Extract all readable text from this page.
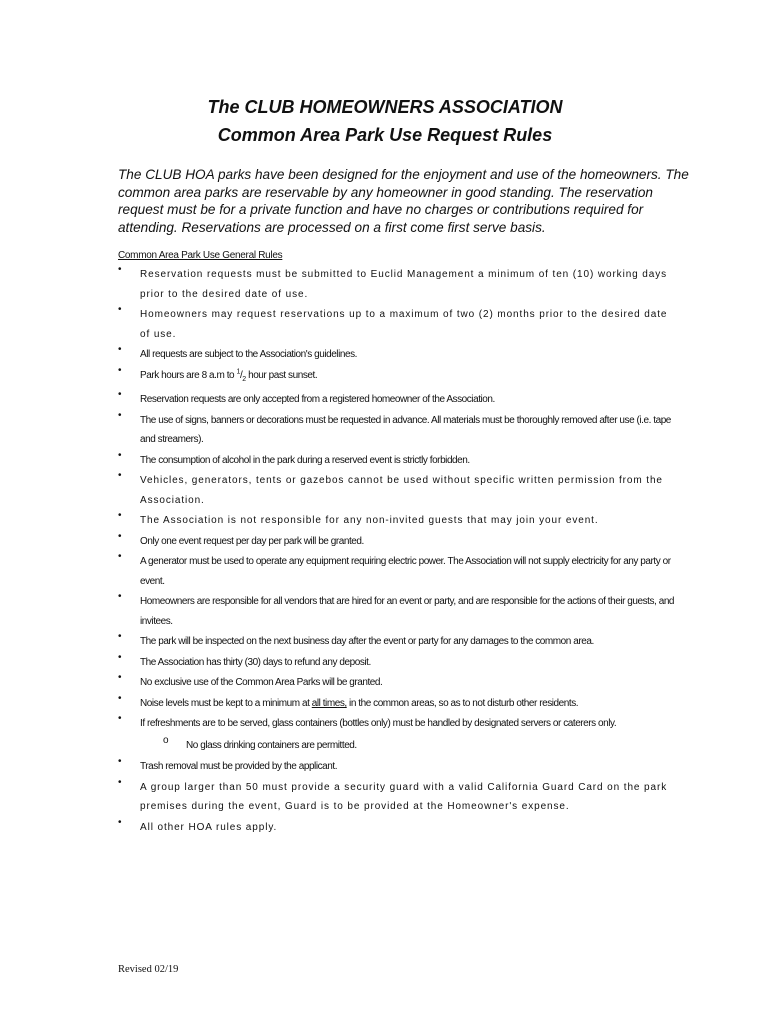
The CLUB HOMEOWNERS ASSOCIATION
Common Area Park Use Request Rules

The CLUB HOA parks have been designed for the enjoyment and use of the homeowners. The common area parks are reservable by any homeowner in good standing. The reservation request must be for a private function and have no charges or contributions required for attending. Reservations are processed on a first come first serve basis.

Common Area Park Use General Rules
• Reservation requests must be submitted to Euclid Management a minimum of ten (10) working days prior to the desired date of use.
• Homeowners may request reservations up to a maximum of two (2) months prior to the desired date of use.
• All requests are subject to the Association's guidelines.
• Park hours are 8 a.m to $^1/_2$ hour past sunset.
• Reservation requests are only accepted from a registered homeowner of the Association.
• The use of signs, banners or decorations must be requested in advance. All materials must be thoroughly removed after use (i.e. tape and streamers).
• The consumption of alcohol in the park during a reserved event is strictly forbidden.
• Vehicles, generators, tents or gazebos cannot be used without specific written permission from the Association.
• The Association is not responsible for any non-invited guests that may join your event.
• Only one event request per day per park will be granted.
• A generator must be used to operate any equipment requiring electric power. The Association will not supply electricity for any party or event.
• Homeowners are responsible for all vendors that are hired for an event or party, and are responsible for the actions of their guests, and invitees.
• The park will be inspected on the next business day after the event or party for any damages to the common area.
• The Association has thirty (30) days to refund any deposit.
• No exclusive use of the Common Area Parks will be granted.
• Noise levels must be kept to a minimum at all times, in the common areas, so as to not disturb other residents.
• If refreshments are to be served, glass containers (bottles only) must be handled by designated servers or caterers only.
o No glass drinking containers are permitted.
• Trash removal must be provided by the applicant.
• A group larger than 50 must provide a security guard with a valid California Guard Card on the park premises during the event, Guard is to be provided at the Homeowner's expense.
• All other HOA rules apply.
Revised 02/19
